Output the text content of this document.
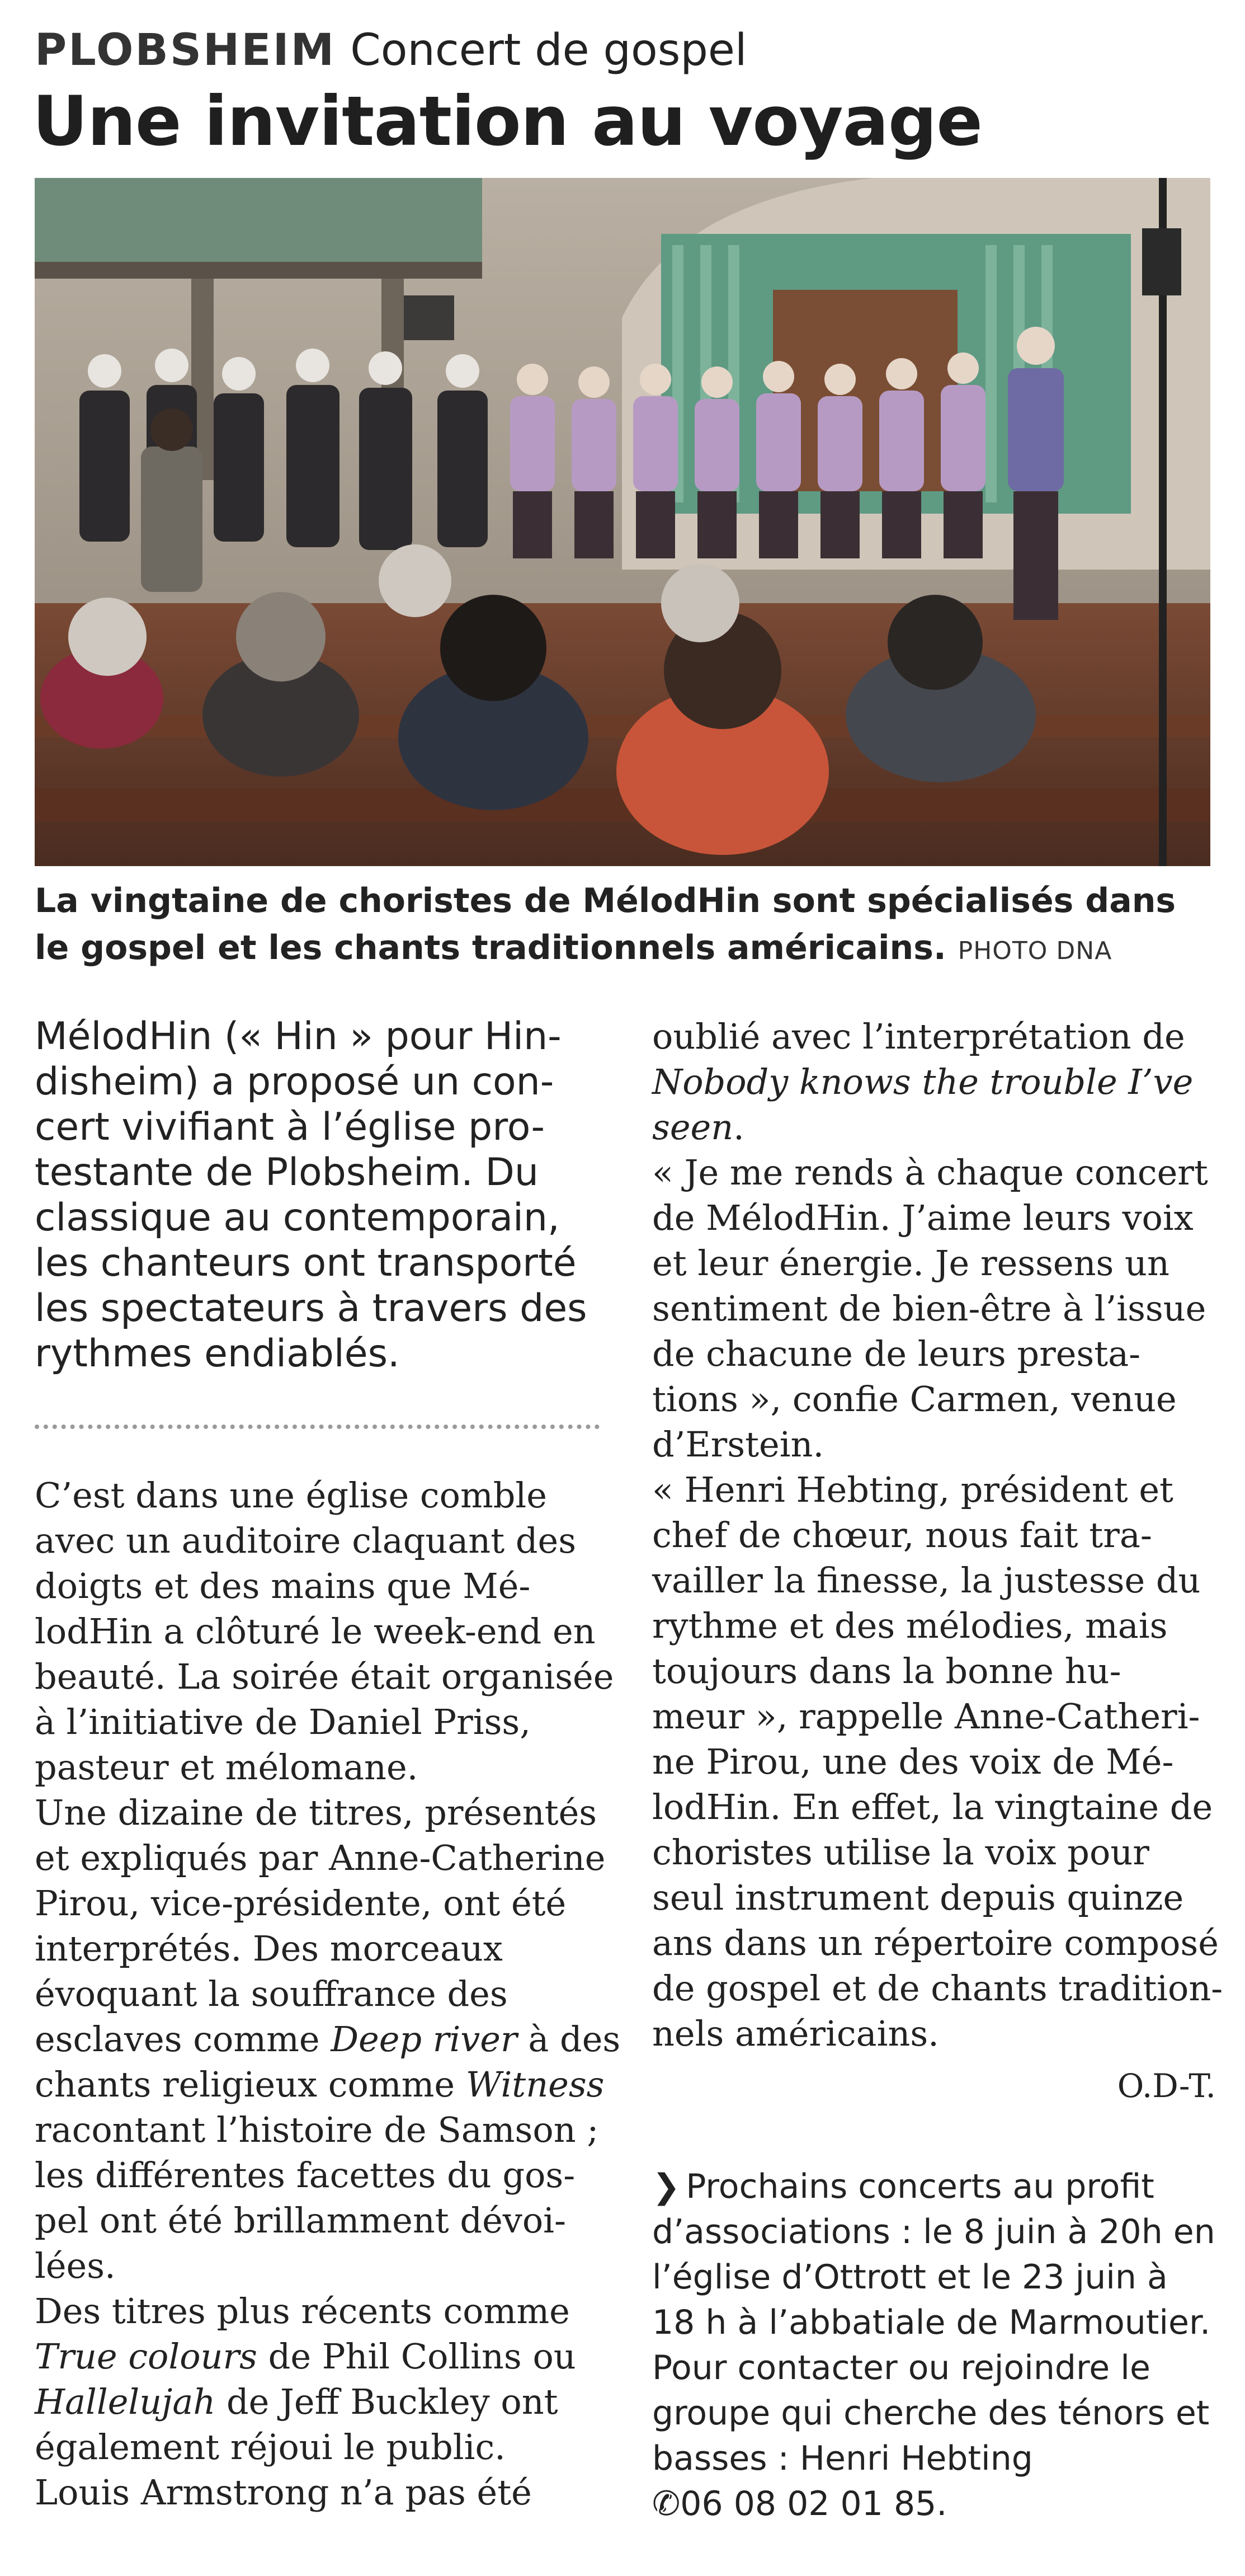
PLOBSHEIM Concert de gospel
Une invitation au voyage
La vingtaine de choristes de MélodHin sont spécialisés dans le gospel et les chants traditionnels américains. PHOTO DNA
MélodHin (« Hin » pour Hin-
disheim) a proposé un con-
cert vivifiant à l’église pro-
testante de Plobsheim. Du
classique au contemporain,
les chanteurs ont transporté
les spectateurs à travers des
rythmes endiablés.
C’est dans une église comble
avec un auditoire claquant des
doigts et des mains que Mé-
lodHin a clôturé le week-end en
beauté. La soirée était organisée
à l’initiative de Daniel Priss,
pasteur et mélomane.
Une dizaine de titres, présentés
et expliqués par Anne-Catherine
Pirou, vice-présidente, ont été
interprétés. Des morceaux
évoquant la souffrance des
esclaves comme Deep river à des
chants religieux comme Witness
racontant l’histoire de Samson ;
les différentes facettes du gos-
pel ont été brillamment dévoi-
lées.
Des titres plus récents comme
True colours de Phil Collins ou
Hallelujah de Jeff Buckley ont
également réjoui le public.
Louis Armstrong n’a pas été
oublié avec l’interprétation de
Nobody knows the trouble I’ve
seen.
« Je me rends à chaque concert
de MélodHin. J’aime leurs voix
et leur énergie. Je ressens un
sentiment de bien-être à l’issue
de chacune de leurs presta-
tions », confie Carmen, venue
d’Erstein.
« Henri Hebting, président et
chef de chœur, nous fait tra-
vailler la finesse, la justesse du
rythme et des mélodies, mais
toujours dans la bonne hu-
meur », rappelle Anne-Catheri-
ne Pirou, une des voix de Mé-
lodHin. En effet, la vingtaine de
choristes utilise la voix pour
seul instrument depuis quinze
ans dans un répertoire composé
de gospel et de chants tradition-
nels américains.
O.D-T.
❯ Prochains concerts au profit
d’associations : le 8 juin à 20h en
l’église d’Ottrott et le 23 juin à
18 h à l’abbatiale de Marmoutier.
Pour contacter ou rejoindre le
groupe qui cherche des ténors et
basses : Henri Hebting
✆06 08 02 01 85.
